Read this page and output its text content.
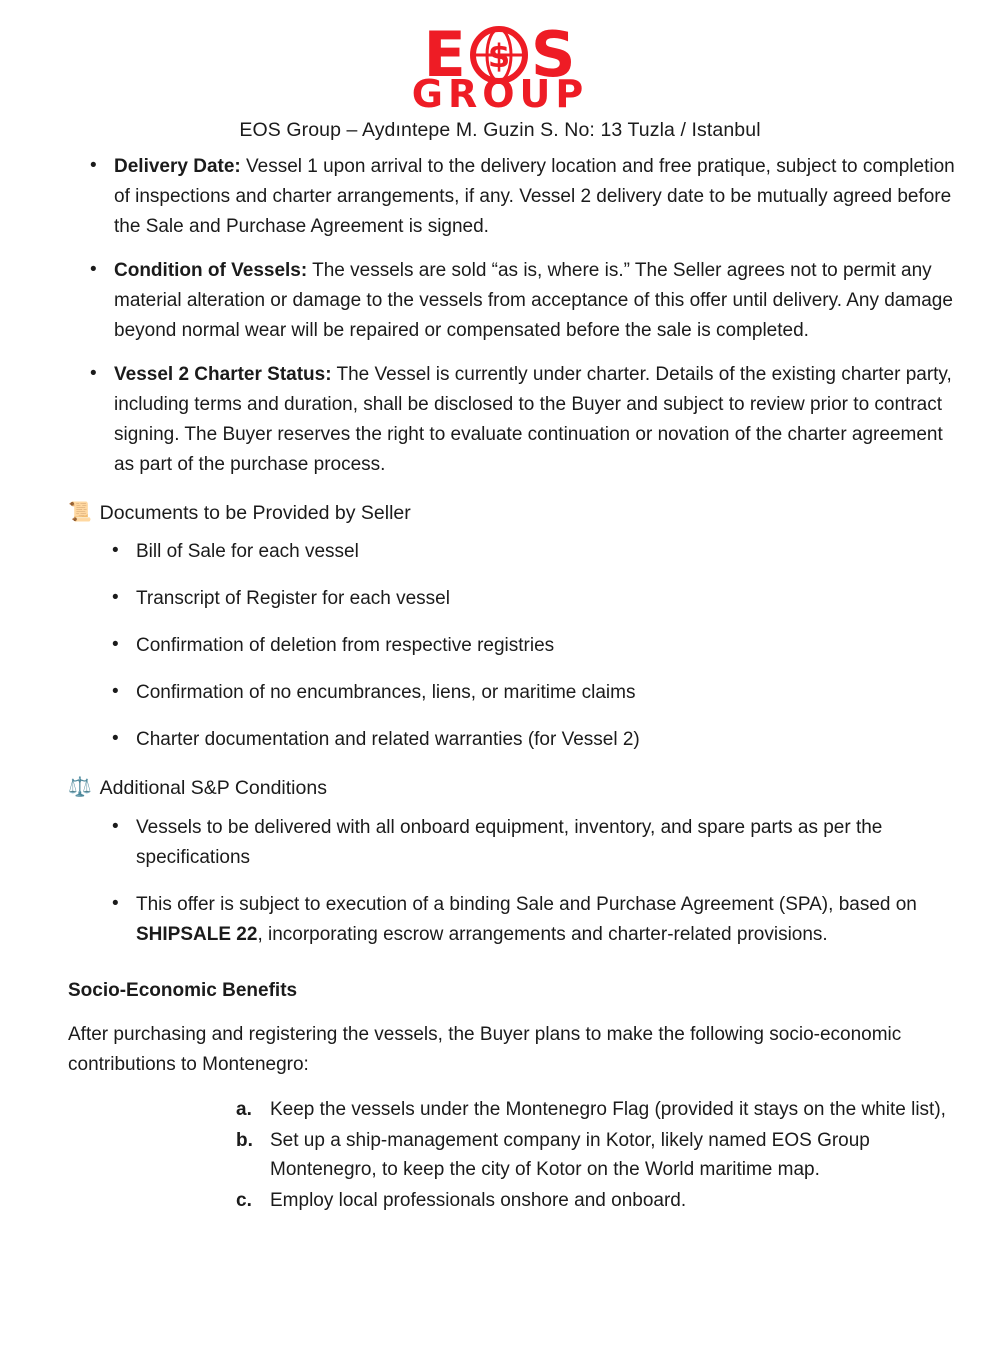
E $ S
GROUP
EOS Group – Aydıntepe M. Guzin S. No: 13 Tuzla / Istanbul
• Delivery Date: Vessel 1 upon arrival to the delivery location and free pratique, subject to completion of inspections and charter arrangements, if any. Vessel 2 delivery date to be mutually agreed before the Sale and Purchase Agreement is signed.
• Condition of Vessels: The vessels are sold “as is, where is.” The Seller agrees not to permit any material alteration or damage to the vessels from acceptance of this offer until delivery. Any damage beyond normal wear will be repaired or compensated before the sale is completed.
• Vessel 2 Charter Status: The Vessel is currently under charter. Details of the existing charter party, including terms and duration, shall be disclosed to the Buyer and subject to review prior to contract signing. The Buyer reserves the right to evaluate continuation or novation of the charter agreement as part of the purchase process.
📜 Documents to be Provided by Seller
• Bill of Sale for each vessel
• Transcript of Register for each vessel
• Confirmation of deletion from respective registries
• Confirmation of no encumbrances, liens, or maritime claims
• Charter documentation and related warranties (for Vessel 2)
⚖️ Additional S&P Conditions
• Vessels to be delivered with all onboard equipment, inventory, and spare parts as per the specifications
• This offer is subject to execution of a binding Sale and Purchase Agreement (SPA), based on SHIPSALE 22, incorporating escrow arrangements and charter-related provisions.
Socio-Economic Benefits

After purchasing and registering the vessels, the Buyer plans to make the following socio-economic contributions to Montenegro:

a. Keep the vessels under the Montenegro Flag (provided it stays on the white list),
b. Set up a ship-management company in Kotor, likely named EOS Group Montenegro, to keep the city of Kotor on the World maritime map.
c. Employ local professionals onshore and onboard.
